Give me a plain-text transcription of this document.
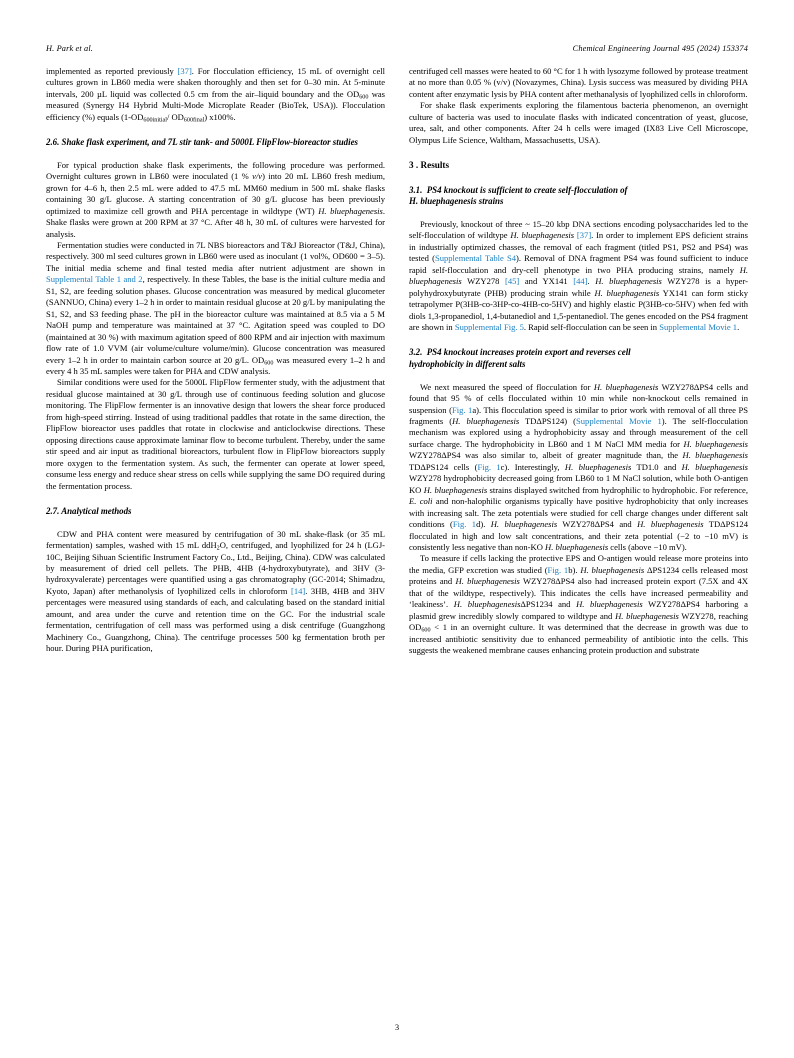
H. Park et al.	Chemical Engineering Journal 495 (2024) 153374

implemented as reported previously [37]. For flocculation efficiency, 15 mL of overnight cell cultures grown in LB60 media were shaken thoroughly and then set for 0–30 min. At 5-minute intervals, 200 µL liquid was collected 0.5 cm from the air–liquid boundary and the $OD_{600}$ was measured (Synergy H4 Hybrid Multi-Mode Microplate Reader (BioTek, USA)). Flocculation efficiency (%) equals ($1-OD_{600initial}/$ $OD_{600final}$) x100%.

2.6. Shake flask experiment, and 7L stir tank- and 5000L FlipFlow-bioreactor studies

For typical production shake flask experiments, the following procedure was performed. Overnight cultures grown in LB60 were inoculated (1 % v/v) into 20 mL LB60 fresh medium, grown for 4–6 h, then 2.5 mL were added to 47.5 mL MM60 medium in 500 mL shake flasks containing 30 g/L glucose. A starting concentration of 30 g/L glucose has been previously optimized to maximize cell growth and PHA percentage in wildtype (WT) H. bluephagenesis. Shake flasks were grown at 200 RPM at 37 °C. After 48 h, 30 mL of cultures were harvested for analysis.

Fermentation studies were conducted in 7L NBS bioreactors and T&J Bioreactor (T&J, China), respectively. 300 ml seed cultures grown in LB60 were used as inoculant (1 vol%, OD600 = 3–5). The initial media scheme and final tested media after nutrient adjustment are shown in Supplemental Table 1 and 2, respectively. In these Tables, the base is the initial culture media and S1, S2, are feeding solution phases. Glucose concentration was measured by medical glucometer (SANNUO, China) every 1–2 h in order to maintain residual glucose at 20 g/L by manipulating the S1, S2, and S3 feeding phase. The pH in the bioreactor culture was maintained at 8.5 via a 5 M NaOH pump and temperature was maintained at 37 °C. Agitation speed was coupled to DO (maintained at 30 %) with maximum agitation speed of 800 RPM and air injection with maximum flow rate of 1.0 VVM (air volume/culture volume/min). Glucose concentration was measured every 1–2 h in order to maintain carbon source at 20 g/L. $OD_{600}$ was measured every 1–2 h and every 4 h 35 mL samples were taken for PHA and CDW analysis.

Similar conditions were used for the 5000L FlipFlow fermenter study, with the adjustment that residual glucose maintained at 30 g/L through use of continuous feeding solution and glucose monitoring. The FlipFlow fermenter is an innovative design that lowers the shear force produced from high-speed stirring. Instead of using traditional paddles that rotate in the same direction, the FlipFlow bioreactor uses paddles that rotate in clockwise and anticlockwise directions. These opposing directions cause approximate laminar flow to become turbulent. Thereby, under the same stir speed and air input as traditional bioreactors, turbulent flow in FlipFlow bioreactors supply more oxygen to the fermentation system. As such, the fermenter can operate at lower speed, consume less energy and reduce shear stress on cells while supplying the same DO required during the fermentation process.

2.7. Analytical methods

CDW and PHA content were measured by centrifugation of 30 mL shake-flask (or 35 mL fermentation) samples, washed with 15 mL ddH$_2$O, centrifuged, and lyophilized for 24 h (LGJ-10C, Beijing Sihuan Scientific Instrument Factory Co., Ltd., Beijing, China). CDW was calculated by measurement of dried cell pellets. The PHB, 4HB (4-hydroxybutyrate), and 3HV (3-hydroxyvalerate) percentages were quantified using a gas chromatography (GC-2014; Shimadzu, Kyoto, Japan) after methanolysis of lyophilized cells in chloroform [14]. 3HB, 4HB and 3HV percentages were measured using standards of each, and calculating based on the standard initial amount, and area under the curve and retention time on the GC. For the industrial scale fermentation, centrifugation of cell mass was performed using a disk centrifuge (Guangzhong Machinery Co., Guangzhong, China). The centrifuge processes 500 kg fermentation broth per hour. During PHA purification,

centrifuged cell masses were heated to 60 °C for 1 h with lysozyme followed by protease treatment at no more than 0.05 % (v/v) (Novazymes, China). Lysis success was measured by dividing PHA content after enzymatic lysis by PHA content after methanalysis of lyophilized cells in chloroform.

For shake flask experiments exploring the filamentous bacteria phenomenon, an overnight culture of bacteria was used to inoculate flasks with indicated concentration of yeast, glucose, urea, salt, and other components. After 24 h cells were imaged (IX83 Live Cell Microscope, Olympus Life Science, Waltham, Massachusetts, USA).

3 . Results
3.1.  PS4 knockout is sufficient to create self-flocculation of
H. bluephagenesis strains

Previously, knockout of three ~ 15–20 kbp DNA sections encoding polysaccharides led to the self-flocculation of wildtype H. bluephagenesis [37]. In order to implement EPS deficient strains in industrially optimized chasses, the removal of each fragment (titled PS1, PS2 and PS4) was tested (Supplemental Table S4). Removal of DNA fragment PS4 was found sufficient to induce rapid self-flocculation and dry-cell phenotype in two PHA producing strains, namely H. bluephagenesis WZY278 [45] and YX141 [44]. H. bluephagenesis WZY278 is a hyper-polyhydroxybutyrate (PHB) producing strain while H. bluephagenesis YX141 can form sticky tetrapolymer P(3HB-co-3HP-co-4HB-co-5HV) and highly elastic P(3HB-co-5HV) when fed with diols 1,3-propanediol, 1,4-butanediol and 1,5-pentanediol. The genes encoded on the PS4 fragment are shown in Supplemental Fig. 5. Rapid self-flocculation can be seen in Supplemental Movie 1.

3.2.  PS4 knockout increases protein export and reverses cell
hydrophobicity in different salts

We next measured the speed of flocculation for H. bluephagenesis WZY278ΔPS4 cells and found that 95 % of cells flocculated within 10 min while non-knockout cells remained in suspension (Fig. 1a). This flocculation speed is similar to prior work with removal of all three PS fragments (H. bluephagenesis TDΔPS124) (Supplemental Movie 1). The self-flocculation mechanism was explored using a hydrophobicity assay and through measurement of the cell surface charge. The hydrophobicity in LB60 and 1 M NaCl MM media for H. bluephagenesis WZY278ΔPS4 was also similar to, albeit of greater magnitude than, the H. bluephagenesis TDΔPS124 cells (Fig. 1c). Interestingly, H. bluephagenesis TD1.0 and H. bluephagenesis WZY278 hydrophobicity decreased going from LB60 to 1 M NaCl solution, while both O-antigen KO H. bluephagenesis strains displayed switched from hydrophilic to hydrophobic. For reference, E. coli and non-halophilic organisms typically have positive hydrophobicity that only increases with increasing salt. The zeta potentials were studied for cell charge changes under different salt conditions (Fig. 1d). H. bluephagenesis WZY278ΔPS4 and H. bluephagenesis TDΔPS124 flocculated in high and low salt concentrations, and their zeta potential (−2 to −10 mV) is consistently less negative than non-KO H. bluephagenesis cells (above −10 mV).

To measure if cells lacking the protective EPS and O-antigen would release more proteins into the media, GFP excretion was studied (Fig. 1b). H. bluephagenesis ΔPS1234 cells released most proteins and H. bluephagenesis WZY278ΔPS4 also had increased protein export (7.5X and 4X that of the wildtype, respectively). This indicates the cells have increased permeability and ‘leakiness’. H. bluephagenesisΔPS1234 and H. bluephagenesis WZY278ΔPS4 harboring a plasmid grew incredibly slowly compared to wildtype and H. bluephagenesis WZY278, reaching $OD_{600} < 1$ in an overnight culture. It was determined that the decrease in growth was due to increased antibiotic sensitivity due to enhanced permeability of antibiotic into the cells. This suggests the weakened membrane causes enhancing protein production and substrate

3
